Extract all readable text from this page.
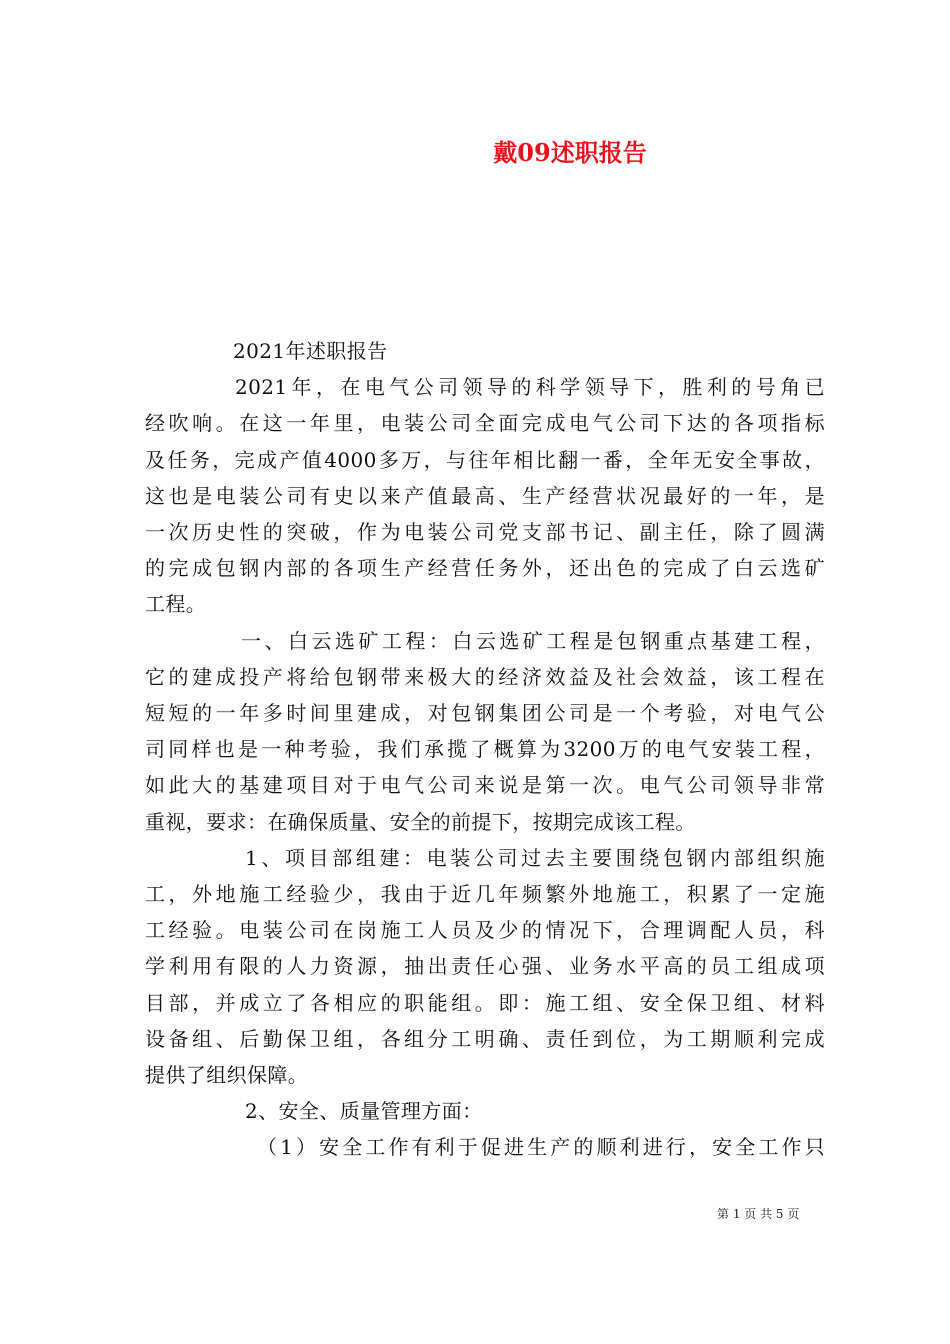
戴09述职报告
2021年述职报告
2021年，在电气公司领导的科学领导下，胜利的号角已
经吹响。在这一年里，电装公司全面完成电气公司下达的各项指标
及任务，完成产值4000多万，与往年相比翻一番，全年无安全事故，
这也是电装公司有史以来产值最高、生产经营状况最好的一年，是
一次历史性的突破，作为电装公司党支部书记、副主任，除了圆满
的完成包钢内部的各项生产经营任务外，还出色的完成了白云选矿
工程。
一、白云选矿工程：白云选矿工程是包钢重点基建工程，
它的建成投产将给包钢带来极大的经济效益及社会效益，该工程在
短短的一年多时间里建成，对包钢集团公司是一个考验，对电气公
司同样也是一种考验，我们承揽了概算为3200万的电气安装工程，
如此大的基建项目对于电气公司来说是第一次。电气公司领导非常
重视，要求：在确保质量、安全的前提下，按期完成该工程。
1、项目部组建：电装公司过去主要围绕包钢内部组织施
工，外地施工经验少，我由于近几年频繁外地施工，积累了一定施
工经验。电装公司在岗施工人员及少的情况下，合理调配人员，科
学利用有限的人力资源，抽出责任心强、业务水平高的员工组成项
目部，并成立了各相应的职能组。即：施工组、安全保卫组、材料
设备组、后勤保卫组，各组分工明确、责任到位，为工期顺利完成
提供了组织保障。
2、安全、质量管理方面：
（1）安全工作有利于促进生产的顺利进行，安全工作只
第 1 页 共 5 页
